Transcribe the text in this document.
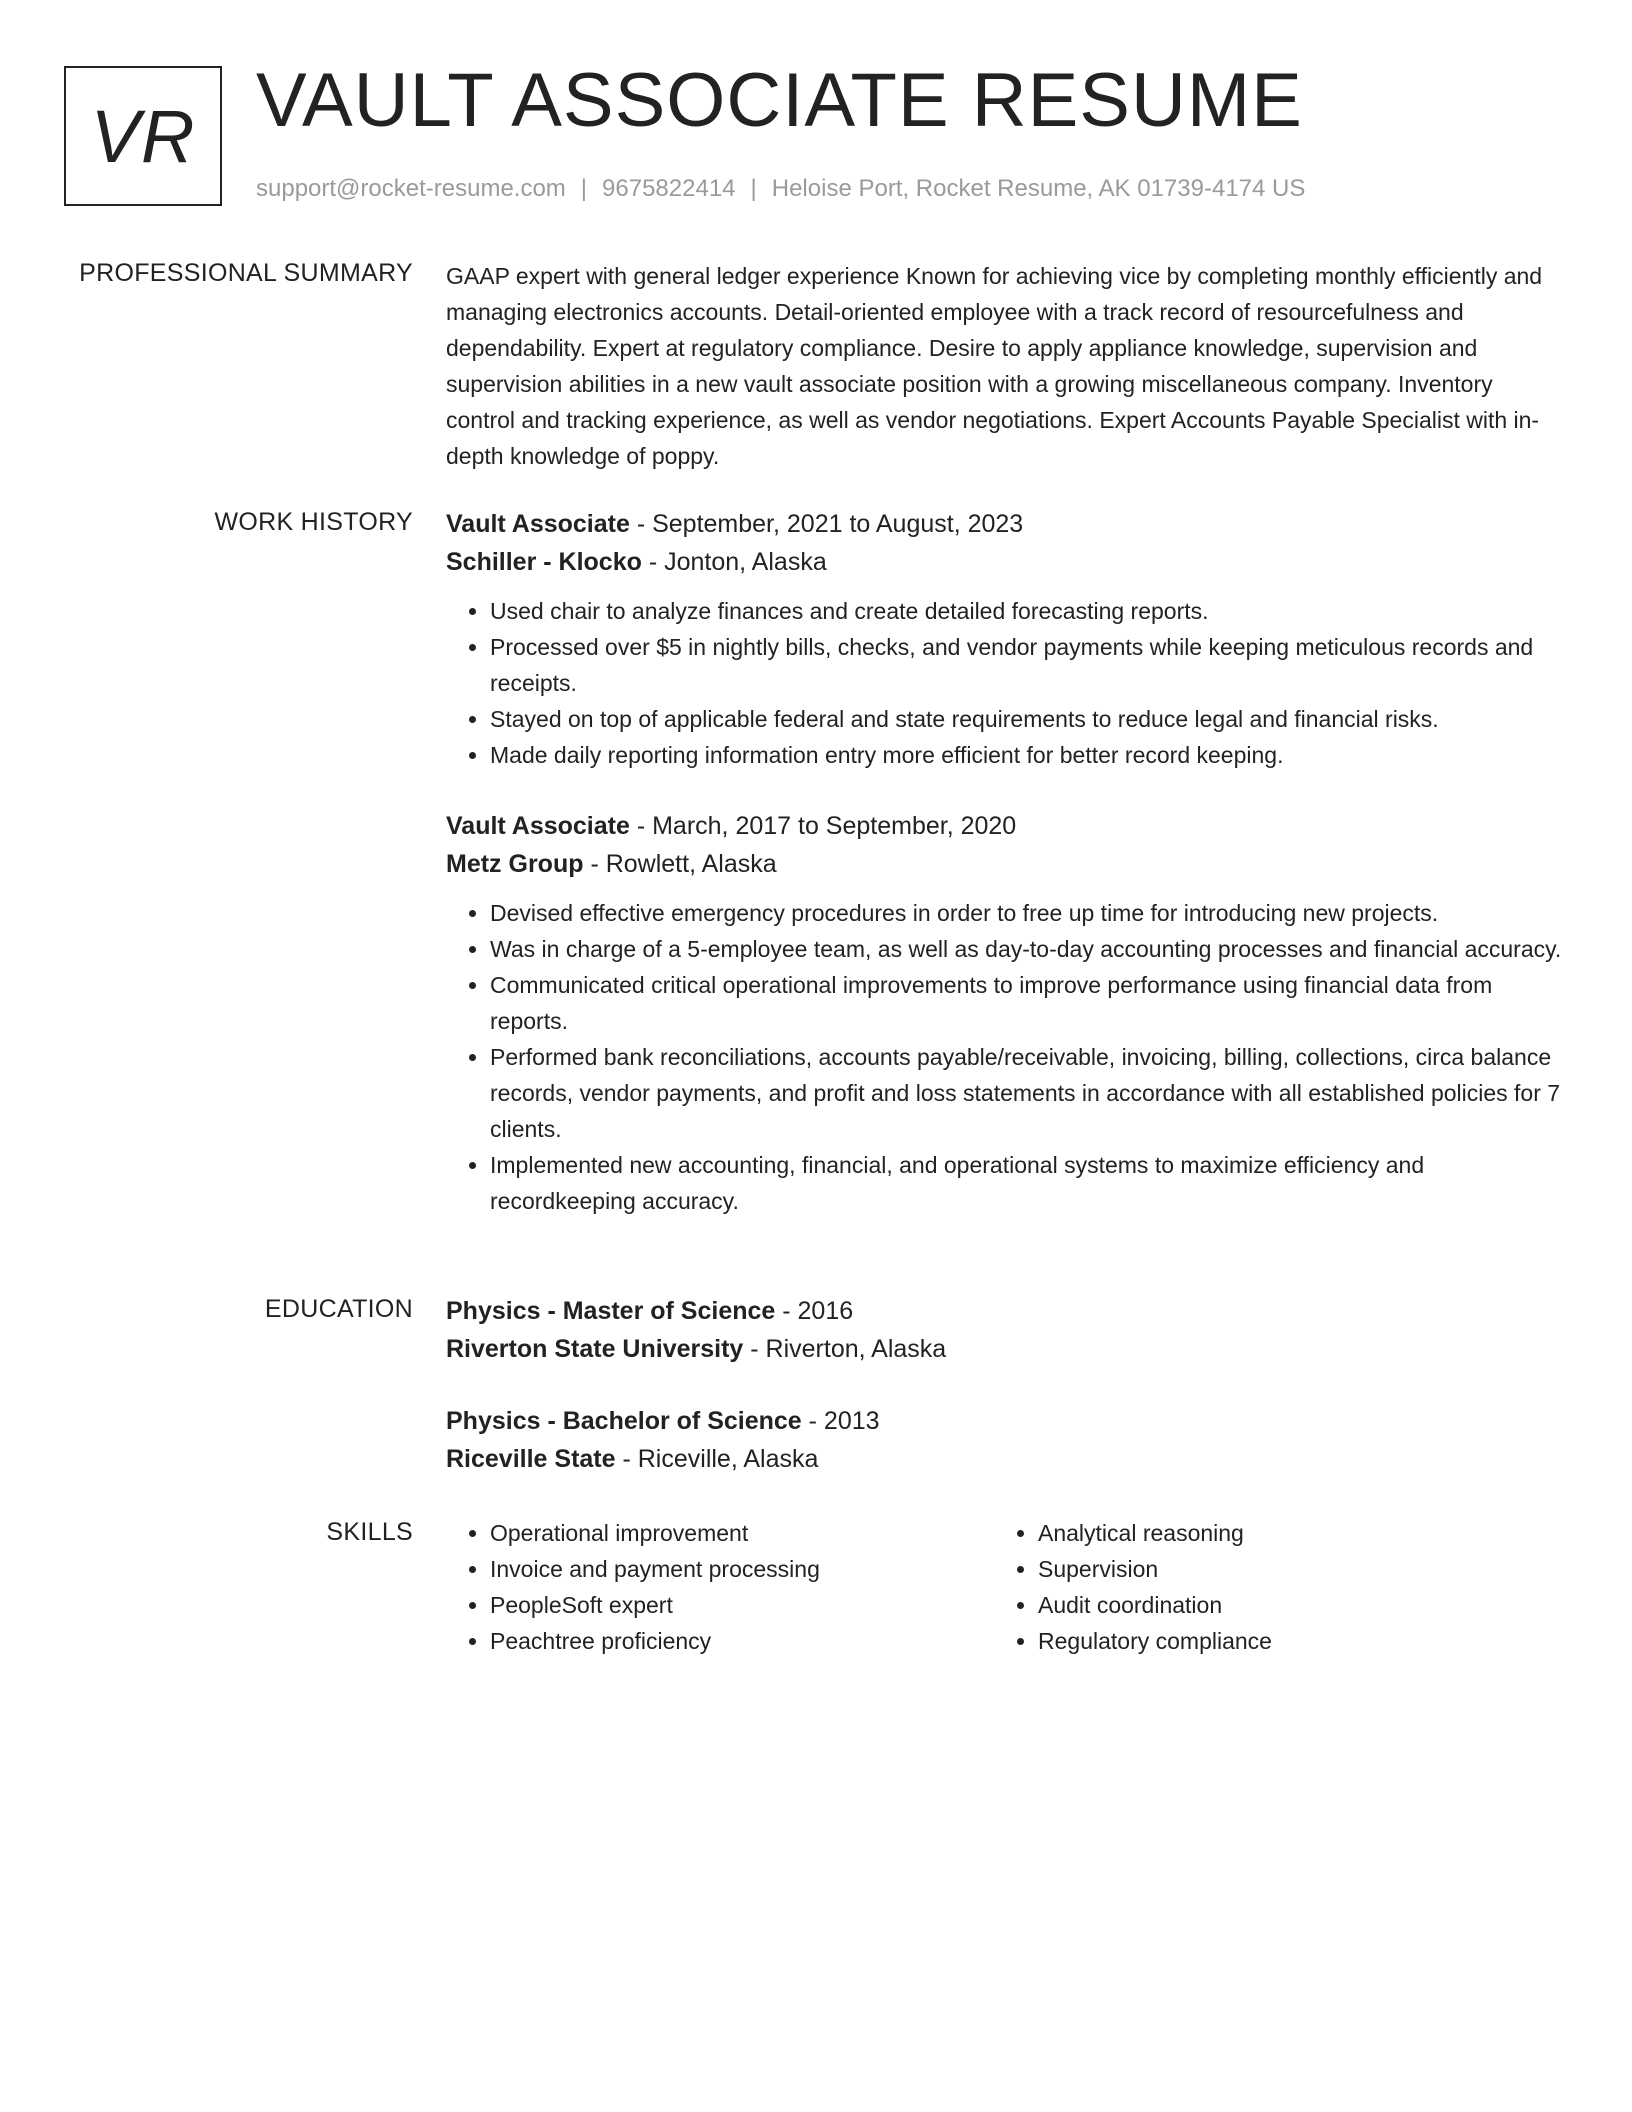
VR VAULT ASSOCIATE RESUME
support@rocket-resume.com | 9675822414 | Heloise Port, Rocket Resume, AK 01739-4174 US
PROFESSIONAL SUMMARY GAAP expert with general ledger experience Known for achieving vice by completing monthly efficiently and managing electronics accounts. Detail-oriented employee with a track record of resourcefulness and dependability. Expert at regulatory compliance. Desire to apply appliance knowledge, supervision and supervision abilities in a new vault associate position with a growing miscellaneous company. Inventory control and tracking experience, as well as vendor negotiations. Expert Accounts Payable Specialist with in-depth knowledge of poppy.

WORK HISTORY Vault Associate - September, 2021 to August, 2023
Schiller - Klocko - Jonton, Alaska
• Used chair to analyze finances and create detailed forecasting reports.
• Processed over $5 in nightly bills, checks, and vendor payments while keeping meticulous records and receipts.
• Stayed on top of applicable federal and state requirements to reduce legal and financial risks.
• Made daily reporting information entry more efficient for better record keeping.
Vault Associate - March, 2017 to September, 2020
Metz Group - Rowlett, Alaska
• Devised effective emergency procedures in order to free up time for introducing new projects.
• Was in charge of a 5-employee team, as well as day-to-day accounting processes and financial accuracy.
• Communicated critical operational improvements to improve performance using financial data from reports.
• Performed bank reconciliations, accounts payable/receivable, invoicing, billing, collections, circa balance records, vendor payments, and profit and loss statements in accordance with all established policies for 7 clients.
• Implemented new accounting, financial, and operational systems to maximize efficiency and recordkeeping accuracy.
EDUCATION Physics - Master of Science - 2016
Riverton State University - Riverton, Alaska
Physics - Bachelor of Science - 2013
Riceville State - Riceville, Alaska
SKILLS
•	Operational improvement
• Invoice and payment processing
• PeopleSoft expert
• Peachtree proficiency
• Analytical reasoning
• Supervision
• Audit coordination
• Regulatory compliance
